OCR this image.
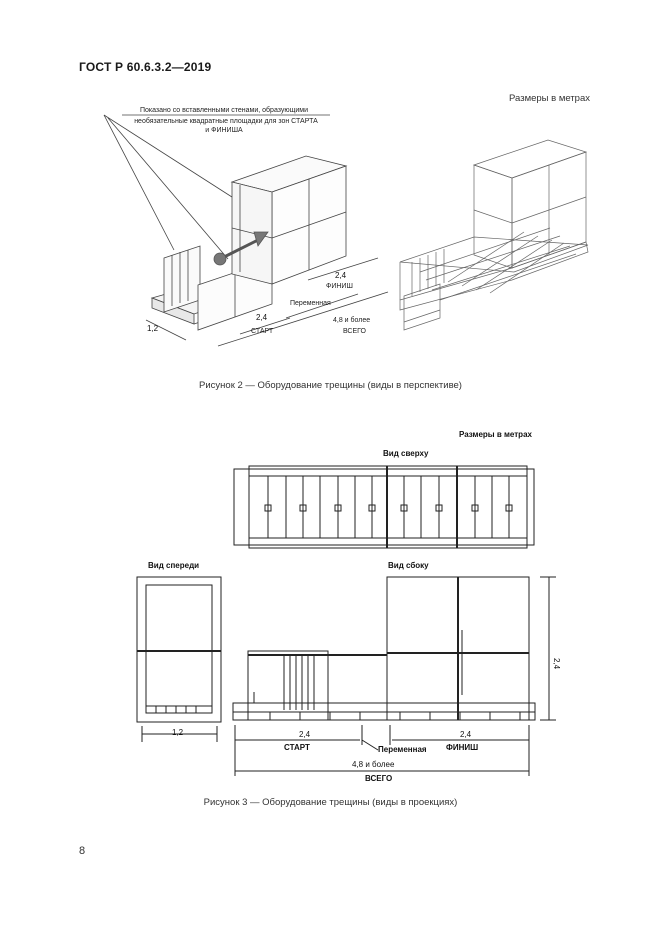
ГОСТ Р 60.6.3.2—2019
Размеры в метрах
Показано со вставленными стенами, образующими
необязательные квадратные площадки для зон СТАРТА
и ФИНИША
1,2
2,4
СТАРТ
Переменная
2,4
ФИНИШ
4,8 и более
ВСЕГО
Рисунок 2 — Оборудование трещины (виды в перспективе)
Размеры в метрах
Вид сверху
Вид спереди	Вид сбоку
1,2
2,4
2,4
СТАРТ	Переменная
2,4
ФИНИШ
4,8 и более
ВСЕГО
Рисунок 3 — Оборудование трещины (виды в проекциях)
8
